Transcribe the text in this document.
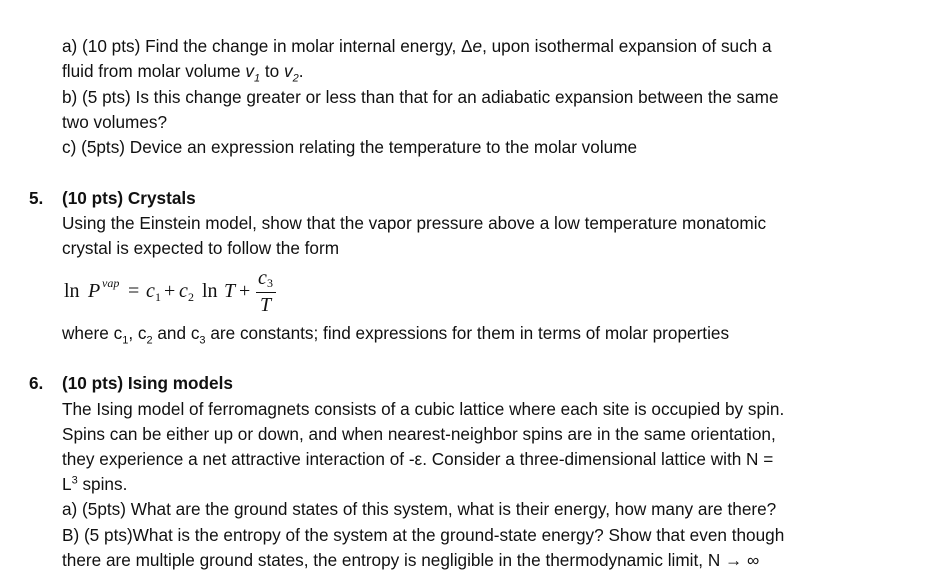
a) (10 pts) Find the change in molar internal energy, Δe, upon isothermal expansion of such a
fluid from molar volume $v_1$ to $v_2$.
b) (5 pts) Is this change greater or less than that for an adiabatic expansion between the same
two volumes?
c) (5pts) Device an expression relating the temperature to the molar volume
5. (10 pts) Crystals
Using the Einstein model, show that the vapor pressure above a low temperature monatomic
crystal is expected to follow the form
ln P vap = c 1 + c 2 ln T +
c 3
T
where $c_1$, $c_2$ and $c_3$ are constants; find expressions for them in terms of molar properties
6. (10 pts) Ising models
The Ising model of ferromagnets consists of a cubic lattice where each site is occupied by spin.
Spins can be either up or down, and when nearest-neighbor spins are in the same orientation,
they experience a net attractive interaction of -ε. Consider a three-dimensional lattice with N =
$L^3$ spins.
a) (5pts) What are the ground states of this system, what is their energy, how many are there?
B) (5 pts)What is the entropy of the system at the ground-state energy? Show that even though
there are multiple ground states, the entropy is negligible in the thermodynamic limit, N → ∞
